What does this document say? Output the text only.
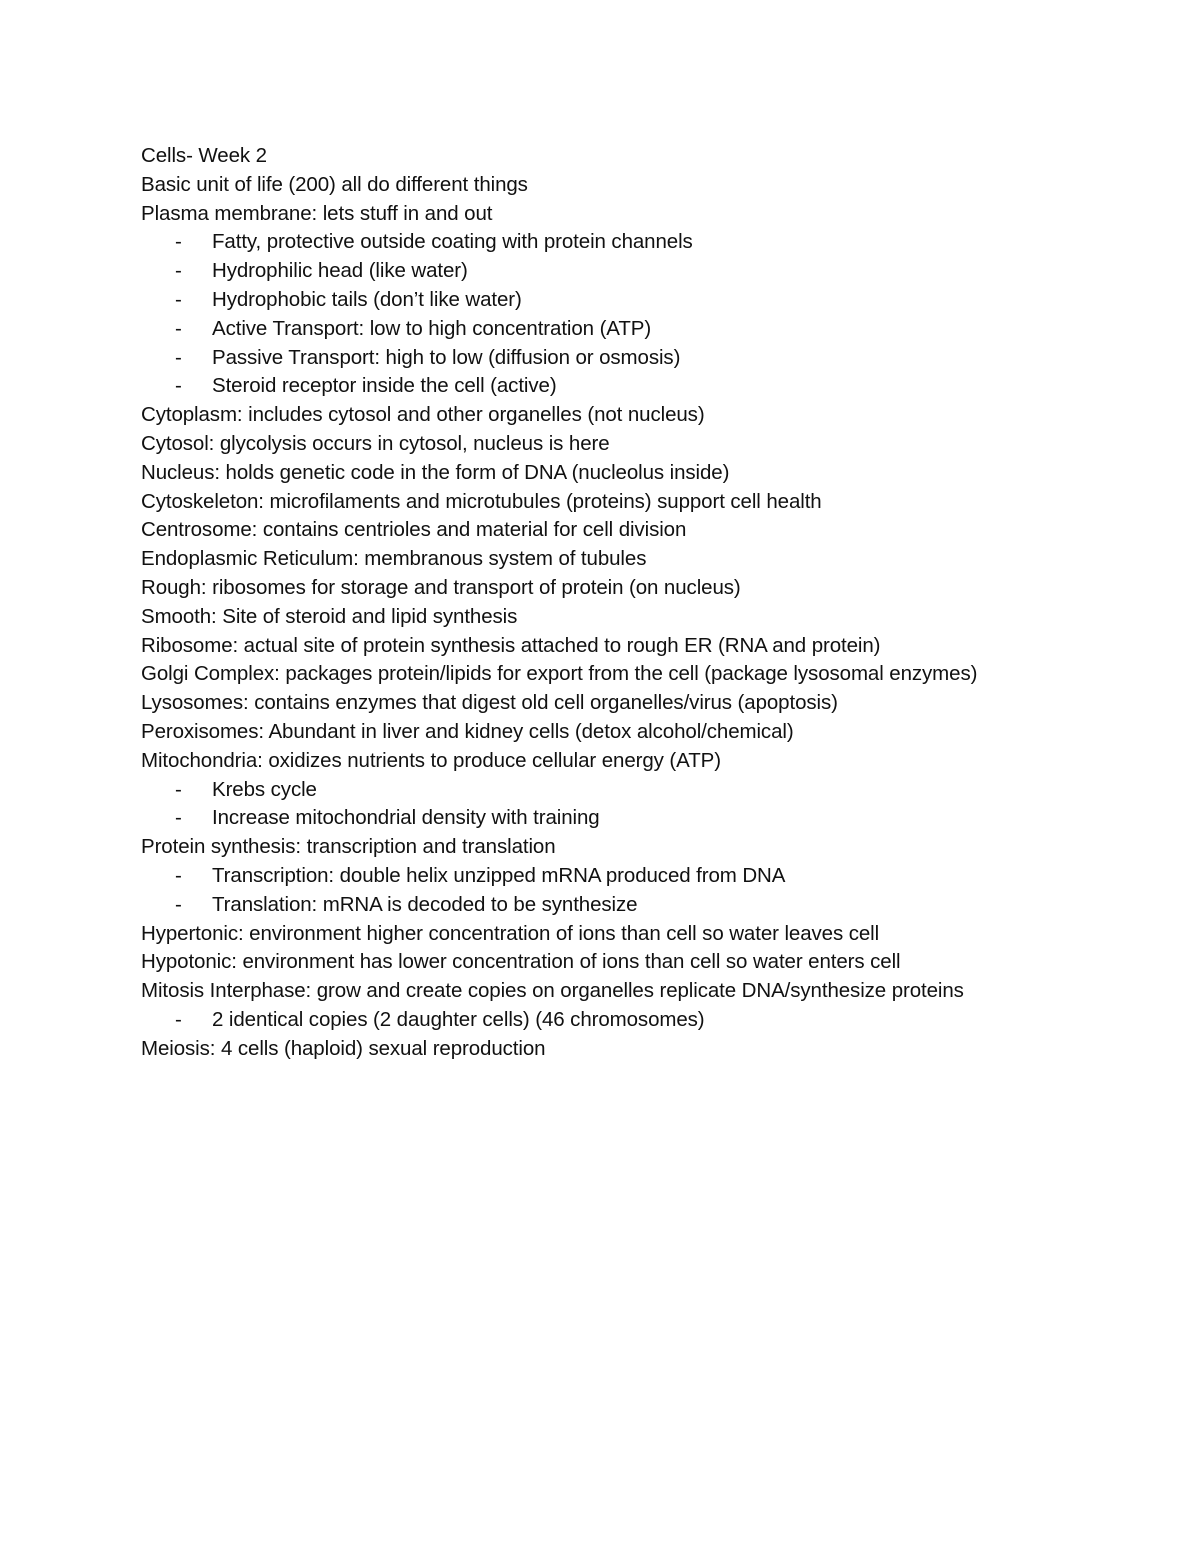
Cells- Week 2
Basic unit of life (200) all do different things
Plasma membrane: lets stuff in and out
- Fatty, protective outside coating with protein channels
- Hydrophilic head (like water)
- Hydrophobic tails (don’t like water)
- Active Transport: low to high concentration (ATP)
- Passive Transport: high to low (diffusion or osmosis)
- Steroid receptor inside the cell (active)
Cytoplasm: includes cytosol and other organelles (not nucleus)
Cytosol: glycolysis occurs in cytosol, nucleus is here
Nucleus: holds genetic code in the form of DNA (nucleolus inside)
Cytoskeleton: microfilaments and microtubules (proteins) support cell health
Centrosome: contains centrioles and material for cell division
Endoplasmic Reticulum: membranous system of tubules
Rough: ribosomes for storage and transport of protein (on nucleus)
Smooth: Site of steroid and lipid synthesis
Ribosome: actual site of protein synthesis attached to rough ER (RNA and protein)
Golgi Complex: packages protein/lipids for export from the cell (package lysosomal enzymes)
Lysosomes: contains enzymes that digest old cell organelles/virus (apoptosis)
Peroxisomes: Abundant in liver and kidney cells (detox alcohol/chemical)
Mitochondria: oxidizes nutrients to produce cellular energy (ATP)
- Krebs cycle
- Increase mitochondrial density with training
Protein synthesis: transcription and translation
- Transcription: double helix unzipped mRNA produced from DNA
- Translation: mRNA is decoded to be synthesize
Hypertonic: environment higher concentration of ions than cell so water leaves cell
Hypotonic: environment has lower concentration of ions than cell so water enters cell
Mitosis Interphase: grow and create copies on organelles replicate DNA/synthesize proteins
- 2 identical copies (2 daughter cells) (46 chromosomes)
Meiosis: 4 cells (haploid) sexual reproduction
